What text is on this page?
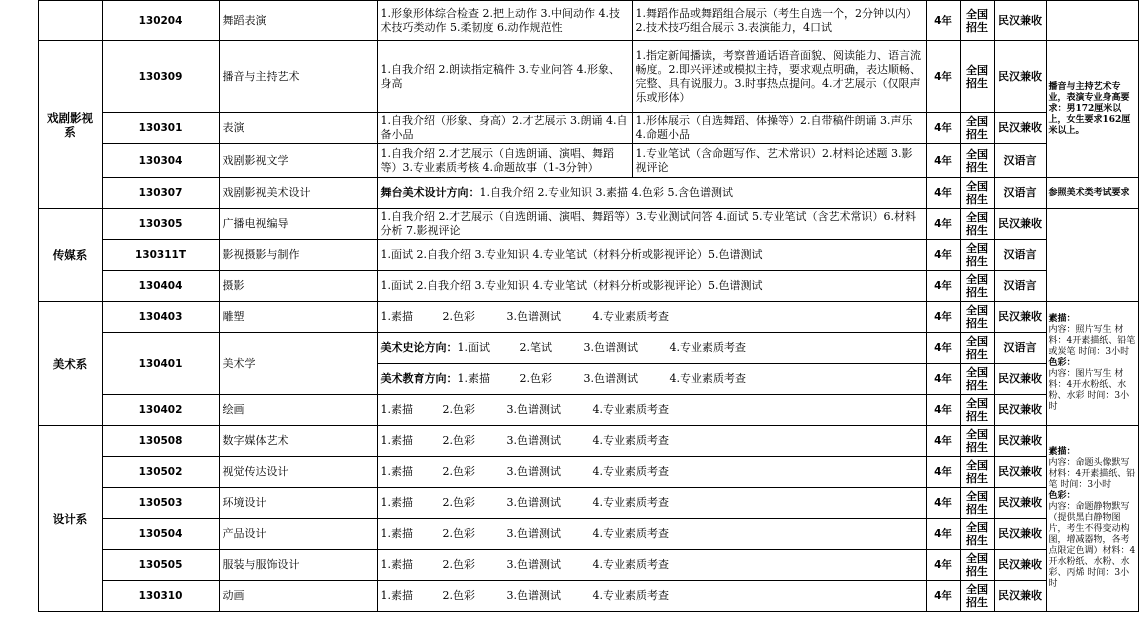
		130204	舞蹈表演	1.形象形体综合检查 2.把上动作 3.中间动作 4.技术技巧类动作 5.柔韧度 6.动作规范性	1.舞蹈作品或舞蹈组合展示（考生自选一个，2分钟以内）2.技术技巧组合展示 3.表演能力，4口试	4年	全国招生	民汉兼收	
	戏剧影视系	130309	播音与主持艺术	1.自我介绍 2.朗读指定稿件 3.专业问答 4.形象、身高	1.指定新闻播读，考察普通话语音面貌、阅读能力、语言流畅度。2.即兴评述或模拟主持，要求观点明确，表达顺畅、完整、具有说服力。3.时事热点提问。4.才艺展示（仅限声乐或形体）	4年	全国招生	民汉兼收	播音与主持艺术专业，表演专业身高要求：男172厘米以上，女生要求162厘米以上。
		130301	表演	1.自我介绍（形象、身高）2.才艺展示 3.朗诵 4.自备小品	1.形体展示（自选舞蹈、体操等）2.自带稿件朗诵 3.声乐 4.命题小品	4年	全国招生	民汉兼收	
		130304	戏剧影视文学	1.自我介绍 2.才艺展示（自选朗诵、演唱、舞蹈等）3.专业素质考核 4.命题故事（1-3分钟）	1.专业笔试（含命题写作、艺术常识）2.材料论述题 3.影视评论	4年	全国招生	汉语言	
		130307	戏剧影视美术设计	舞台美术设计方向：1.自我介绍 2.专业知识 3.素描 4.色彩 5.含色谱测试		4年	全国招生	汉语言	参照美术类考试要求
	传媒系	130305	广播电视编导	1.自我介绍 2.才艺展示（自选朗诵、演唱、舞蹈等）3.专业测试问答 4.面试 5.专业笔试（含艺术常识）6.材料分析 7.影视评论		4年	全国招生	民汉兼收	
		130311T	影视摄影与制作	1.面试 2.自我介绍 3.专业知识 4.专业笔试（材料分析或影视评论）5.色谱测试		4年	全国招生	汉语言	
		130404	摄影	1.面试 2.自我介绍 3.专业知识 4.专业笔试（材料分析或影视评论）5.色谱测试		4年	全国招生	汉语言	
	美术系	130403	雕塑	1.素描 2.色彩 3.色谱测试 4.专业素质考查		4年	全国招生	民汉兼收	素描：
内容：照片写生 材料：4开素描纸、铅笔或炭笔 时间：3小时
色彩：
内容：图片写生 材料：4开水粉纸、水粉、水彩 时间：3小时
		130401	美术学	美术史论方向：1.面试 2.笔试 3.色谱测试 4.专业素质考查		4年	全国招生	汉语言	
				美术教育方向：1.素描 2.色彩 3.色谱测试 4.专业素质考查		4年	全国招生	民汉兼收	
		130402	绘画	1.素描 2.色彩 3.色谱测试 4.专业素质考查		4年	全国招生	民汉兼收	
	设计系	130508	数字媒体艺术	1.素描 2.色彩 3.色谱测试 4.专业素质考查		4年	全国招生	民汉兼收	素描：
内容：命题头像默写 材料：4开素描纸、铅笔 时间：3小时
色彩：
内容：命题静物默写（提供黑白静物图片，考生不得变动构图，增减器物，各考点限定色调）材料：4开水粉纸、水粉、水彩、丙烯 时间：3小时
		130502	视觉传达设计	1.素描 2.色彩 3.色谱测试 4.专业素质考查		4年	全国招生	民汉兼收	
		130503	环境设计	1.素描 2.色彩 3.色谱测试 4.专业素质考查		4年	全国招生	民汉兼收	
		130504	产品设计	1.素描 2.色彩 3.色谱测试 4.专业素质考查		4年	全国招生	民汉兼收	
		130505	服装与服饰设计	1.素描 2.色彩 3.色谱测试 4.专业素质考查		4年	全国招生	民汉兼收	
		130310	动画	1.素描 2.色彩 3.色谱测试 4.专业素质考查		4年	全国招生	民汉兼收	
